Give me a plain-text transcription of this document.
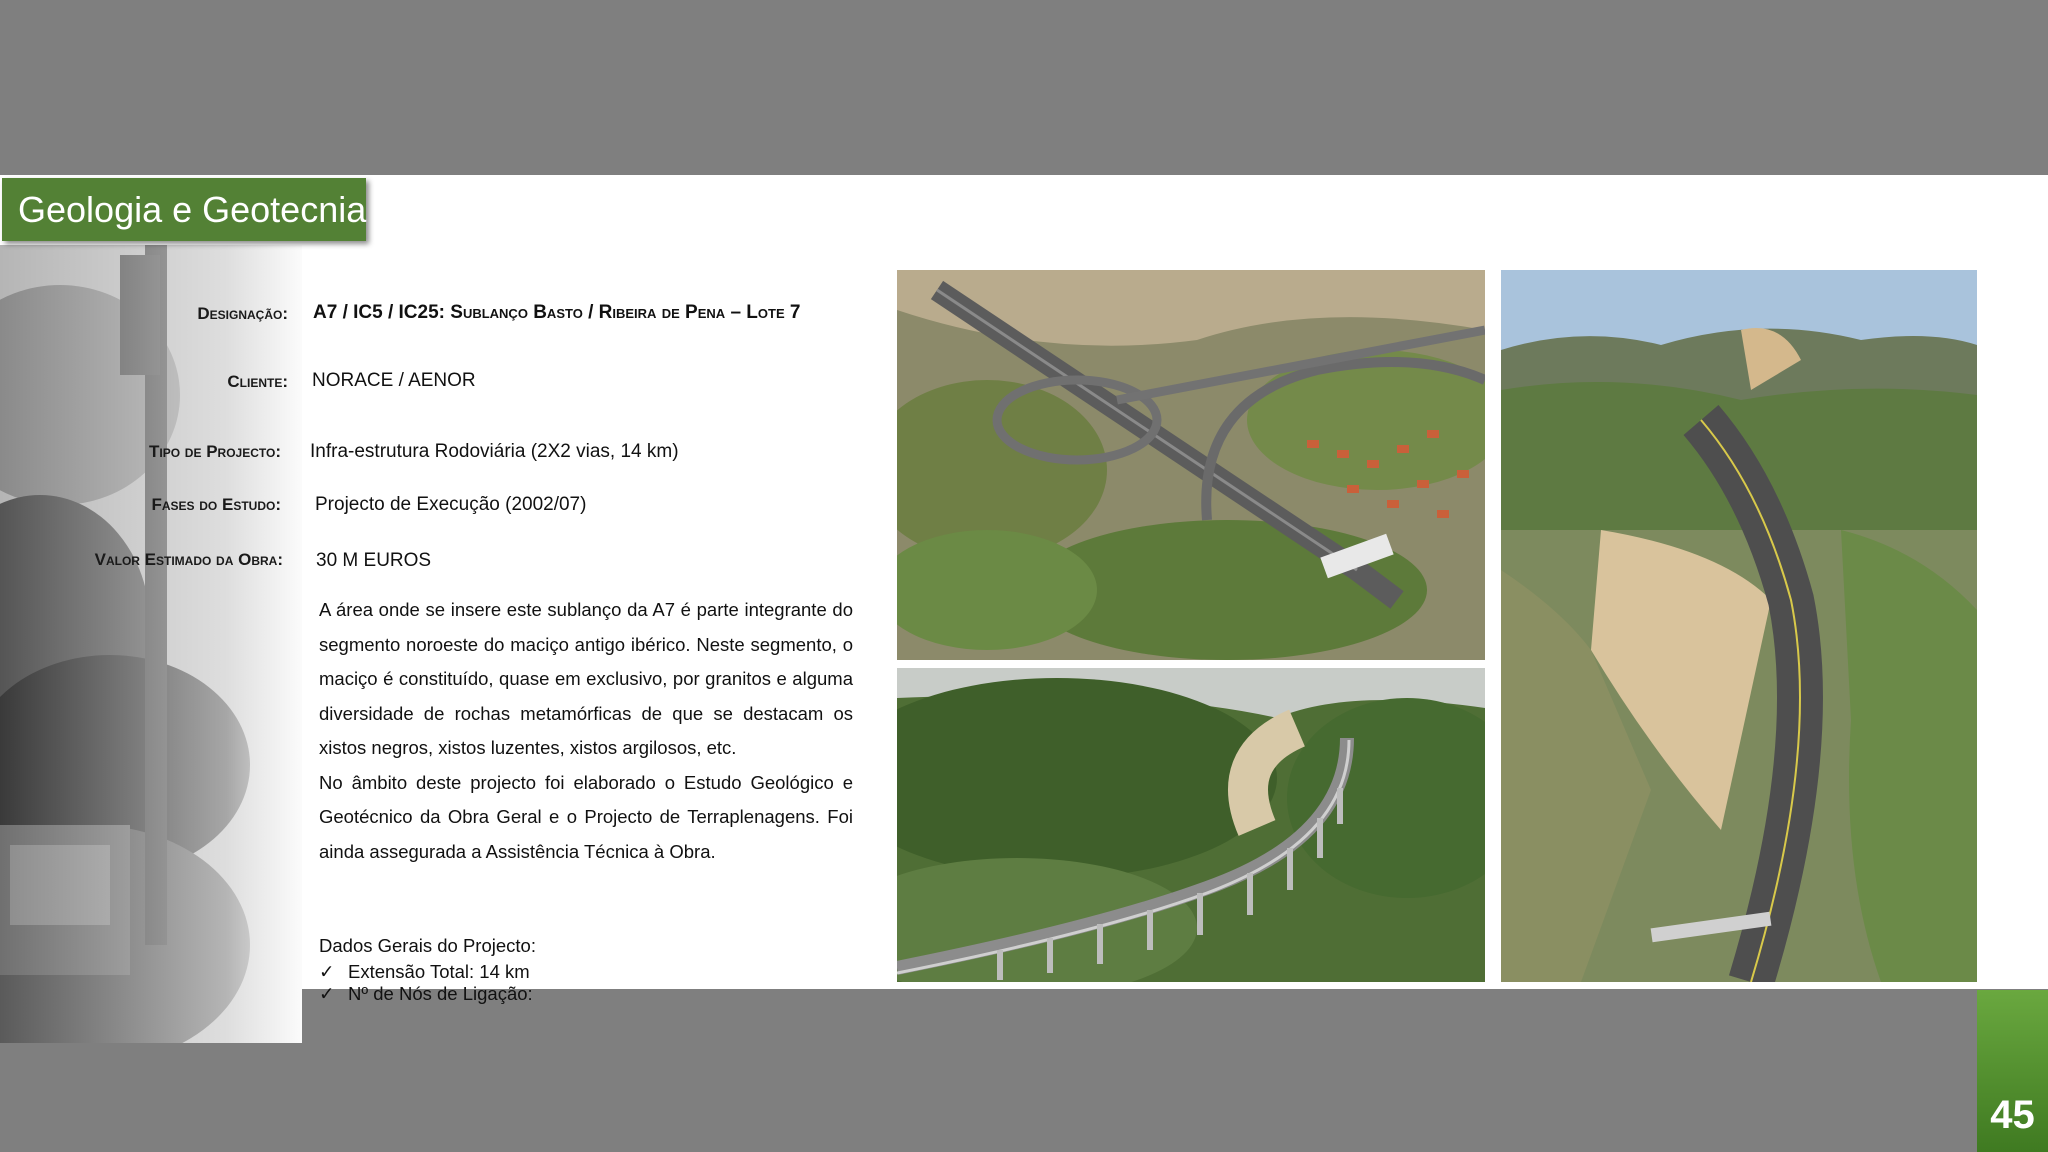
Geologia e Geotecnia
Designação: A7 / IC5 / IC25: Sublanço Basto / Ribeira de Pena – Lote 7
Cliente: NORACE / AENOR
Tipo de Projecto: Infra-estrutura Rodoviária (2X2 vias, 14 km)
Fases do Estudo: Projecto de Execução (2002/07)
Valor Estimado da Obra: 30 M EUROS

A área onde se insere este sublanço da A7 é parte integrante do segmento noroeste do maciço antigo ibérico. Neste segmento, o maciço é constituído, quase em exclusivo, por granitos e alguma diversidade de rochas metamórficas de que se destacam os xistos negros, xistos luzentes, xistos argilosos, etc.

No âmbito deste projecto foi elaborado o Estudo Geológico e Geotécnico da Obra Geral e o Projecto de Terraplenagens. Foi ainda assegurada a Assistência Técnica à Obra.

Dados Gerais do Projecto:
✓ Extensão Total: 14 km
✓ Nº de Nós de Ligação:
45
